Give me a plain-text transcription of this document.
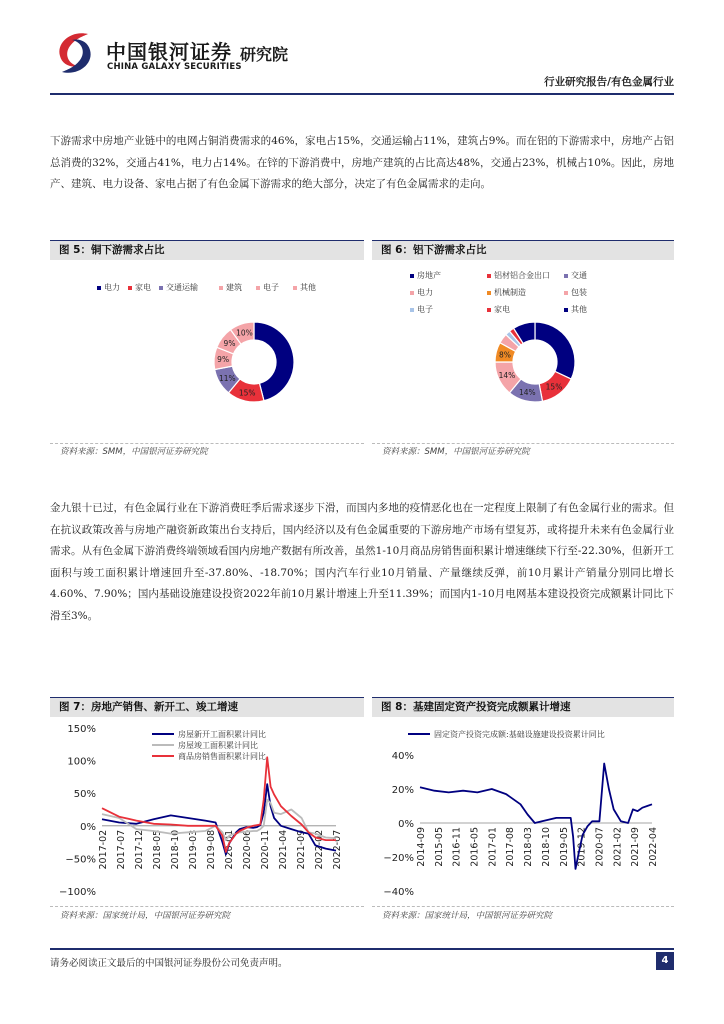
中国银河证券
CHINA GALAXY SECURITIES
研究院
行业研究报告/有色金属行业
下游需求中房地产业链中的电网占铜消费需求的46%，家电占15%，交通运输占11%，建筑占9%。而在铝的下游需求中，房地产占铝总消费的32%，交通占41%，电力占14%。在锌的下游消费中，房地产建筑的占比高达48%，交通占23%，机械占10%。因此，房地产、建筑、电力设备、家电占据了有色金属下游需求的绝大部分，决定了有色金属需求的走向。
图 5：铜下游需求占比	图 6：铝下游需求占比
15%
11%
9%
9%
10%
电力 家电 交通运输	建筑	电子	其他
15%
14%
14%
8%
房地产	铝材铝合金出口	交通
电力	机械制造	包装
电子	家电	其他
资料来源：SMM，中国银河证券研究院	资料来源：SMM，中国银河证券研究院
金九银十已过，有色金属行业在下游消费旺季后需求逐步下滑，而国内多地的疫情恶化也在一定程度上限制了有色金属行业的需求。但在抗议政策改善与房地产融资新政策出台支持后，国内经济以及有色金属重要的下游房地产市场有望复苏，或将提升未来有色金属行业需求。从有色金属下游消费终端领域看国内房地产数据有所改善，虽然1-10月商品房销售面积累计增速继续下行至-22.30%，但新开工面积与竣工面积累计增速回升至-37.80%、-18.70%；国内汽车行业10月销量、产量继续反弹，前10月累计产销量分别同比增长4.60%、7.90%；国内基础设施建设投资2022年前10月累计增速上升至11.39%；而国内1-10月电网基本建设投资完成额累计同比下滑至3%。
图 7：房地产销售、新开工、竣工增速	图 8：基建固定资产投资完成额累计增速
150%
100%
50%
0%
−50%
−100%
2017-02 2017-07 2017-12 2018-05 2018-10 2019-03 2019-08 2020-01 2020-06 2020-11 2021-04 2021-09 2022-02 2022-07
房屋新开工面积累计同比
房屋竣工面积累计同比
商品房销售面积累计同比	40%
20%
0%
−20%
−40%
2014-09 2015-05 2016-11 2016-05 2017-01 2017-08 2018-03 2018-10 2019-05 2019-12 2020-07 2021-02 2021-09 2022-04
固定资产投资完成额:基础设施建设投资累计同比
资料来源：国家统计局，中国银河证券研究院	资料来源：国家统计局，中国银河证券研究院
请务必阅读正文最后的中国银河证券股份公司免责声明。	4
